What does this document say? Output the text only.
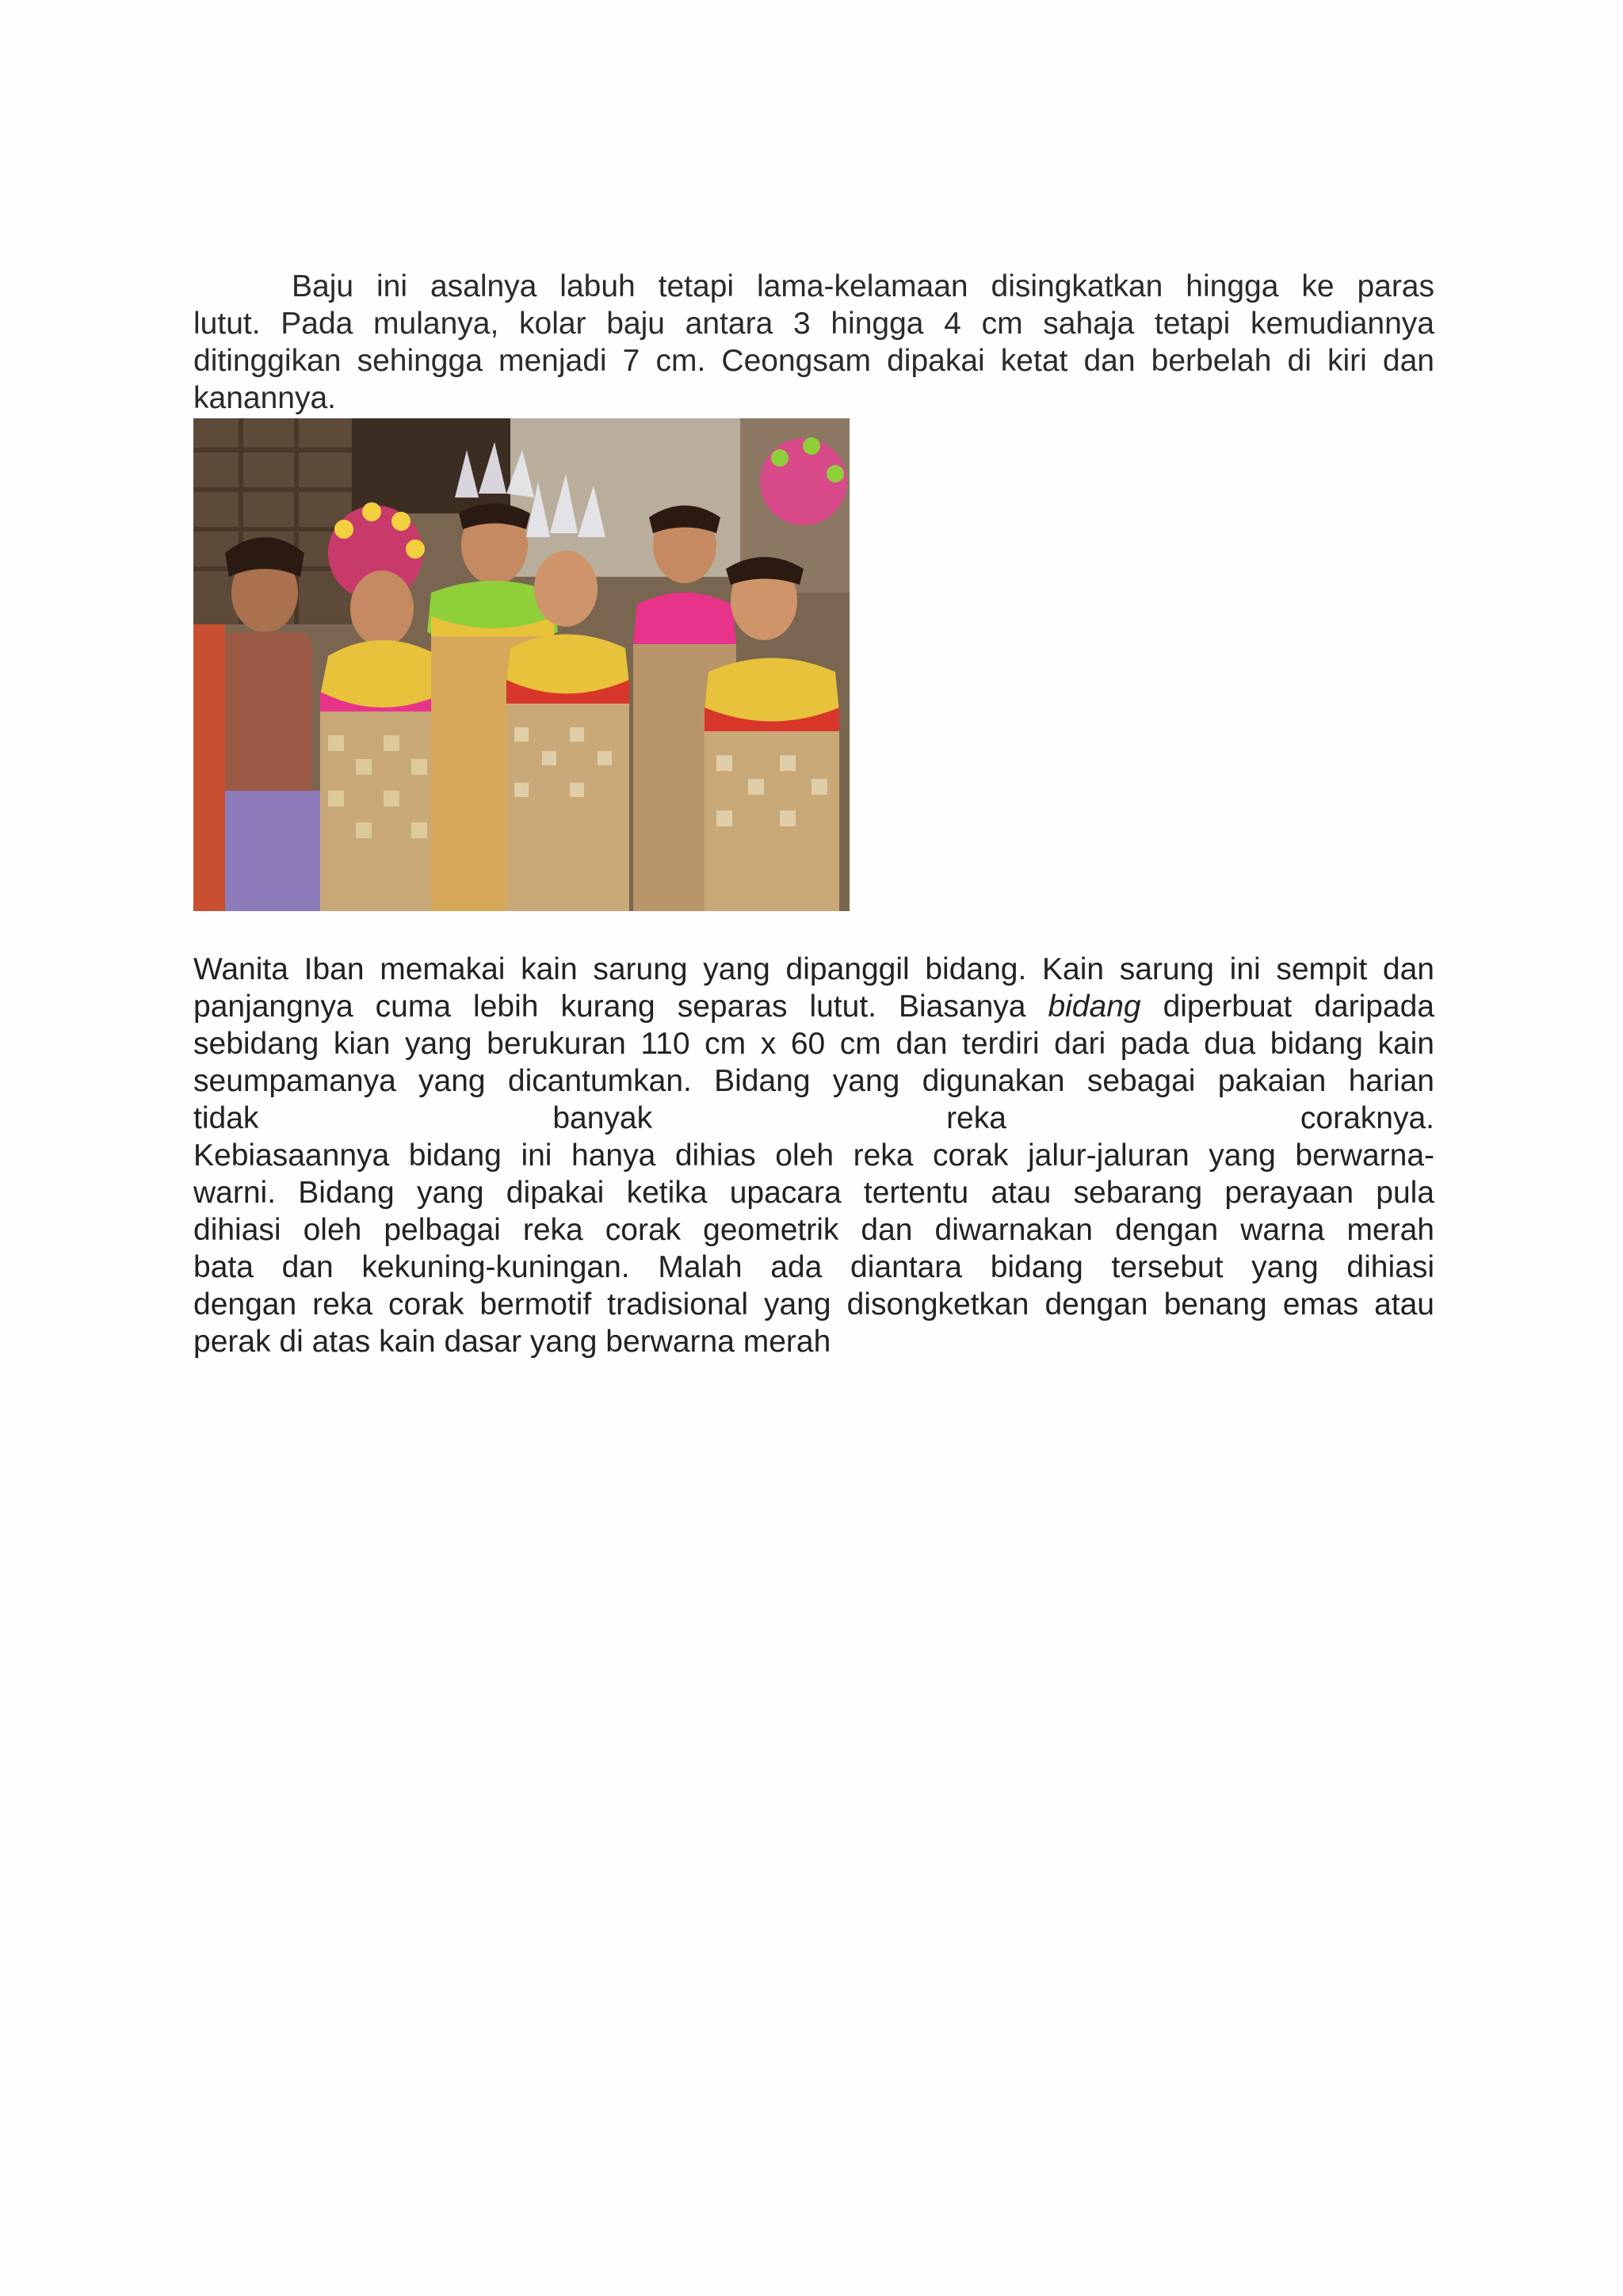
Baju ini asalnya labuh tetapi lama-kelamaan disingkatkan hingga ke paras
lutut. Pada mulanya, kolar baju antara 3 hingga 4 cm sahaja tetapi kemudiannya
ditinggikan sehingga menjadi 7 cm. Ceongsam dipakai ketat dan berbelah di kiri dan
kanannya.

Wanita Iban memakai kain sarung yang dipanggil bidang. Kain sarung ini sempit dan
panjangnya cuma lebih kurang separas lutut. Biasanya bidang diperbuat daripada
sebidang kian yang berukuran 110 cm x 60 cm dan terdiri dari pada dua bidang kain
seumpamanya yang dicantumkan. Bidang yang digunakan sebagai pakaian harian
tidak banyak reka coraknya.
Kebiasaannya bidang ini hanya dihias oleh reka corak jalur-jaluran yang berwarna-
warni. Bidang yang dipakai ketika upacara tertentu atau sebarang perayaan pula
dihiasi oleh pelbagai reka corak geometrik dan diwarnakan dengan warna merah
bata dan kekuning-kuningan. Malah ada diantara bidang tersebut yang dihiasi
dengan reka corak bermotif tradisional yang disongketkan dengan benang emas atau
perak di atas kain dasar yang berwarna merah
